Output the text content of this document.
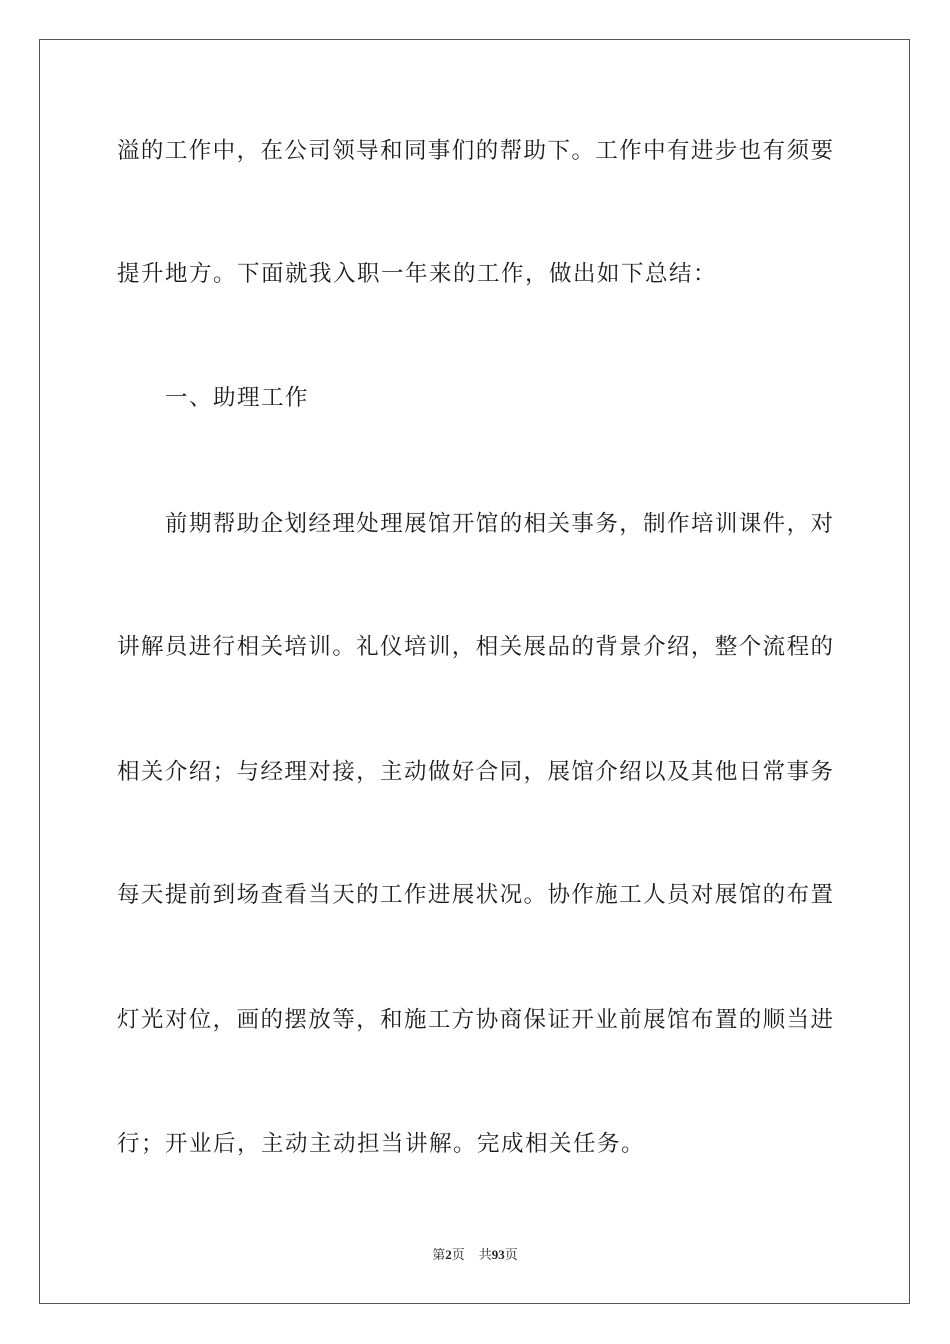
溢的工作中，在公司领导和同事们的帮助下。工作中有进步也有须要
提升地方。下面就我入职一年来的工作，做出如下总结：
一、助理工作
前期帮助企划经理处理展馆开馆的相关事务，制作培训课件，对
讲解员进行相关培训。礼仪培训，相关展品的背景介绍，整个流程的
相关介绍；与经理对接，主动做好合同，展馆介绍以及其他日常事务
每天提前到场查看当天的工作进展状况。协作施工人员对展馆的布置
灯光对位，画的摆放等，和施工方协商保证开业前展馆布置的顺当进
行；开业后，主动主动担当讲解。完成相关任务。
第2页 共93页
